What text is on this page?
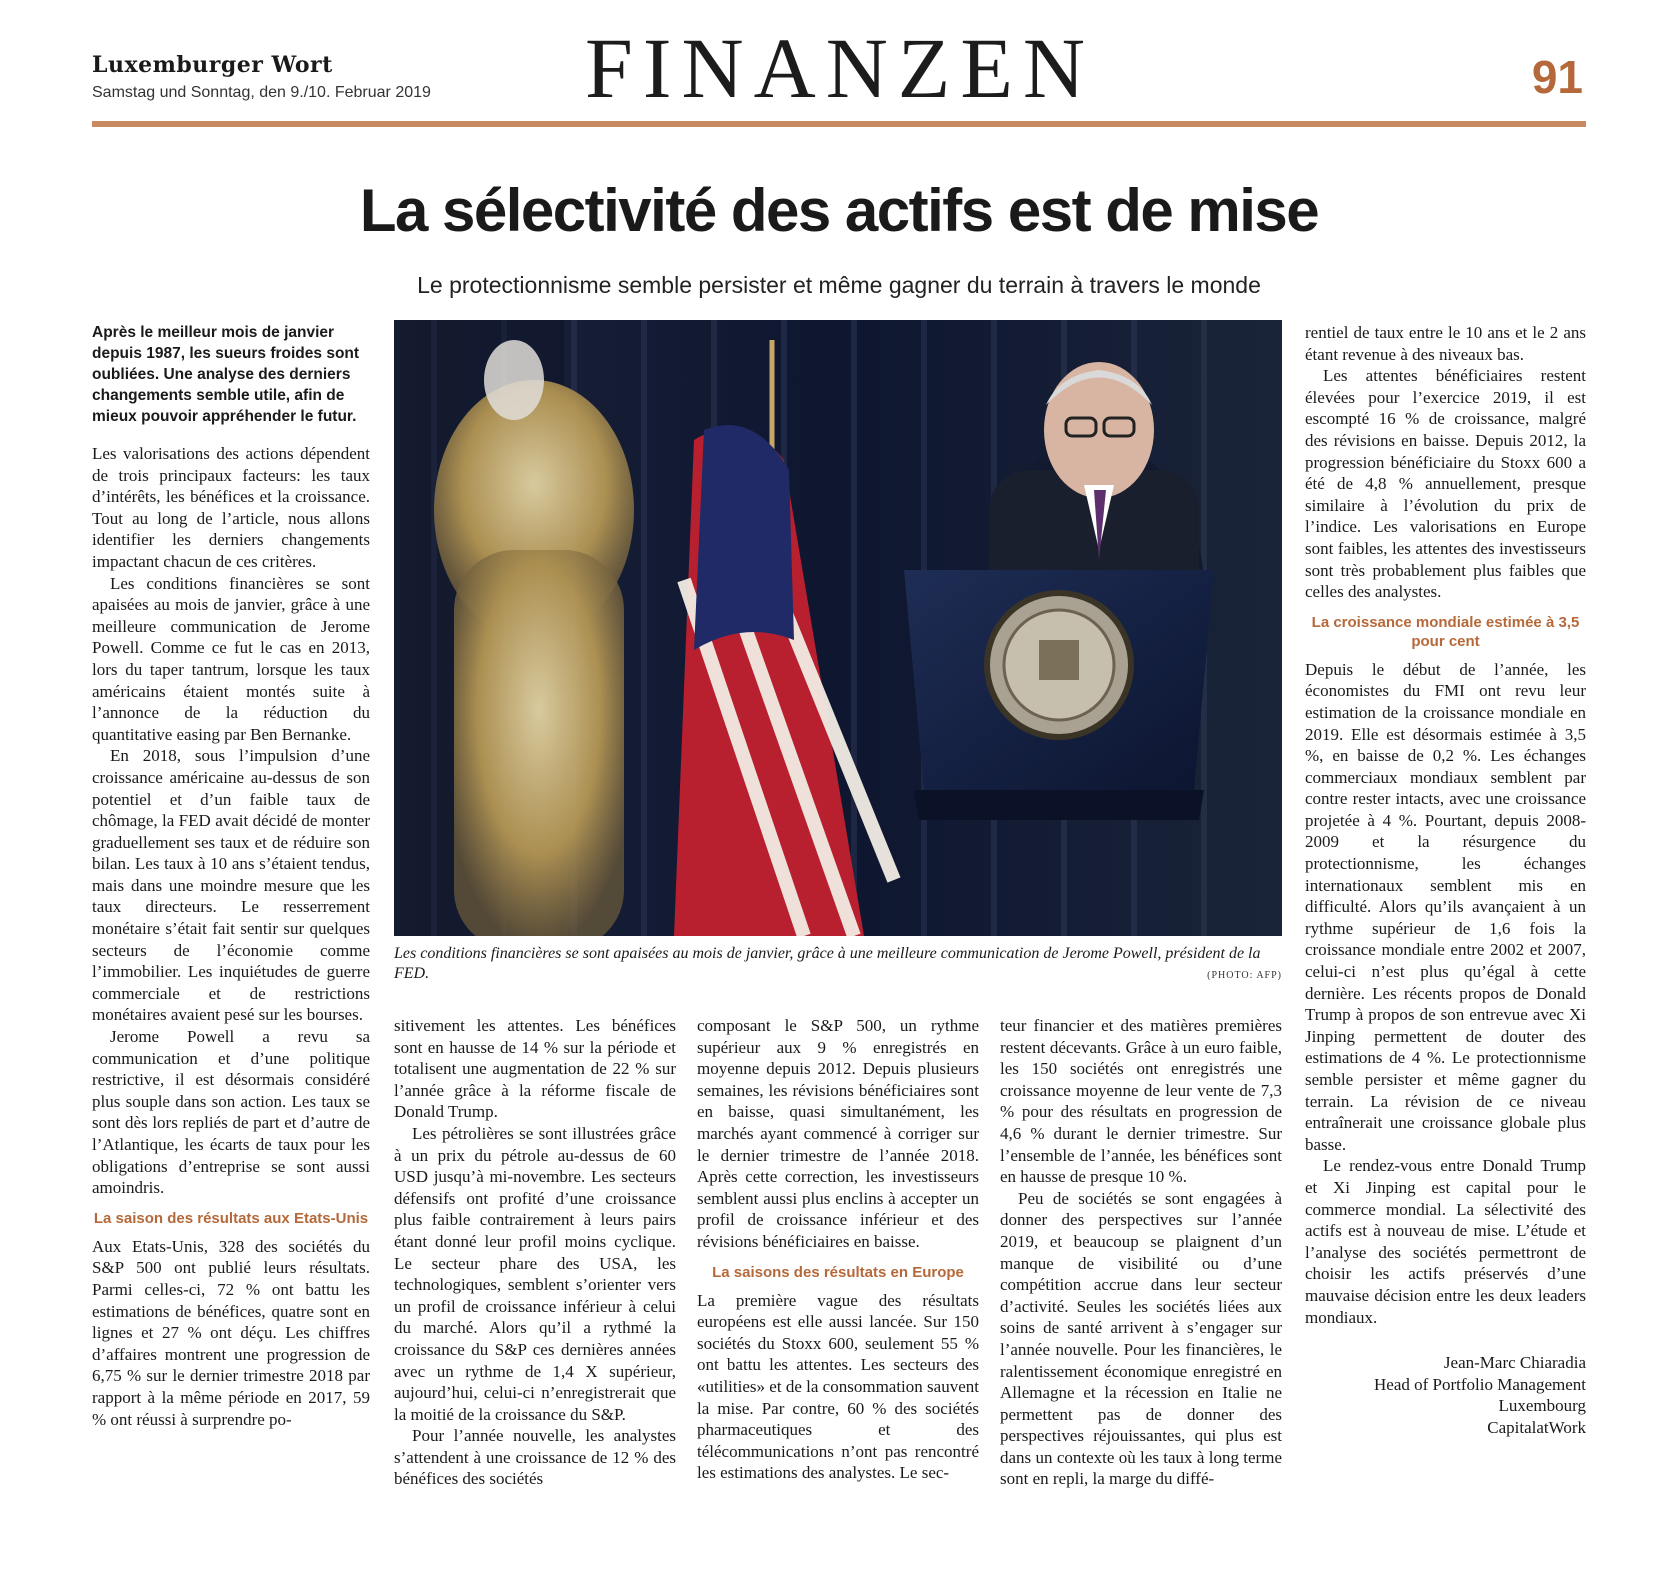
Luxemburger Wort
Samstag und Sonntag, den 9./10. Februar 2019	FINANZEN	91
La sélectivité des actifs est de mise
Le protectionnisme semble persister et même gagner du terrain à travers le monde
Après le meilleur mois de janvier depuis 1987, les sueurs froides sont oubliées. Une analyse des derniers changements semble utile, afin de mieux pouvoir appréhender le futur.

Les valorisations des actions dépendent de trois principaux facteurs: les taux d’intérêts, les bénéfices et la croissance. Tout au long de l’article, nous allons identifier les derniers changements impactant chacun de ces critères.

Les conditions financières se sont apaisées au mois de janvier, grâce à une meilleure communication de Jerome Powell. Comme ce fut le cas en 2013, lors du taper tantrum, lorsque les taux américains étaient montés suite à l’annonce de la réduction du quantitative easing par Ben Bernanke.

En 2018, sous l’impulsion d’une croissance américaine au-dessus de son potentiel et d’un faible taux de chômage, la FED avait décidé de monter graduellement ses taux et de réduire son bilan. Les taux à 10 ans s’étaient tendus, mais dans une moindre mesure que les taux directeurs. Le resserrement monétaire s’était fait sentir sur quelques secteurs de l’économie comme l’immobilier. Les inquiétudes de guerre commerciale et de restrictions monétaires avaient pesé sur les bourses.

Jerome Powell a revu sa communication et d’une politique restrictive, il est désormais considéré plus souple dans son action. Les taux se sont dès lors repliés de part et d’autre de l’Atlantique, les écarts de taux pour les obligations d’entreprise se sont aussi amoindris.

La saison des résultats aux Etats-Unis

Aux Etats-Unis, 328 des sociétés du S&P 500 ont publié leurs résultats. Parmi celles-ci, 72 % ont battu les estimations de bénéfices, quatre sont en lignes et 27 % ont déçu. Les chiffres d’affaires montrent une progression de 6,75 % sur le dernier trimestre 2018 par rapport à la même période en 2017, 59 % ont réussi à surprendre po-

Les conditions financières se sont apaisées au mois de janvier, grâce à une meilleure communication de Jerome Powell, président de la FED.	(PHOTO: AFP)

sitivement les attentes. Les bénéfices sont en hausse de 14 % sur la période et totalisent une augmentation de 22 % sur l’année grâce à la réforme fiscale de Donald Trump.

Les pétrolières se sont illustrées grâce à un prix du pétrole au-dessus de 60 USD jusqu’à mi-novembre. Les secteurs défensifs ont profité d’une croissance plus faible contrairement à leurs pairs étant donné leur profil moins cyclique. Le secteur phare des USA, les technologiques, semblent s’orienter vers un profil de croissance inférieur à celui du marché. Alors qu’il a rythmé la croissance du S&P ces dernières années avec un rythme de 1,4 X supérieur, aujourd’hui, celui-ci n’enregistrerait que la moitié de la croissance du S&P.

Pour l’année nouvelle, les analystes s’attendent à une croissance de 12 % des bénéfices des sociétés

composant le S&P 500, un rythme supérieur aux 9 % enregistrés en moyenne depuis 2012. Depuis plusieurs semaines, les révisions bénéficiaires sont en baisse, quasi simultanément, les marchés ayant commencé à corriger sur le dernier trimestre de l’année 2018. Après cette correction, les investisseurs semblent aussi plus enclins à accepter un profil de croissance inférieur et des révisions bénéficiaires en baisse.

La saisons des résultats en Europe

La première vague des résultats européens est elle aussi lancée. Sur 150 sociétés du Stoxx 600, seulement 55 % ont battu les attentes. Les secteurs des «utilities» et de la consommation sauvent la mise. Par contre, 60 % des sociétés pharmaceutiques et des télécommunications n’ont pas rencontré les estimations des analystes. Le sec-

teur financier et des matières premières restent décevants. Grâce à un euro faible, les 150 sociétés ont enregistrés une croissance moyenne de leur vente de 7,3 % pour des résultats en progression de 4,6 % durant le dernier trimestre. Sur l’ensemble de l’année, les bénéfices sont en hausse de presque 10 %.

Peu de sociétés se sont engagées à donner des perspectives sur l’année 2019, et beaucoup se plaignent d’un manque de visibilité ou d’une compétition accrue dans leur secteur d’activité. Seules les sociétés liées aux soins de santé arrivent à s’engager sur l’année nouvelle. Pour les financières, le ralentissement économique enregistré en Allemagne et la récession en Italie ne permettent pas de donner des perspectives réjouissantes, qui plus est dans un contexte où les taux à long terme sont en repli, la marge du diffé-

rentiel de taux entre le 10 ans et le 2 ans étant revenue à des niveaux bas.

Les attentes bénéficiaires restent élevées pour l’exercice 2019, il est escompté 16 % de croissance, malgré des révisions en baisse. Depuis 2012, la progression bénéficiaire du Stoxx 600 a été de 4,8 % annuellement, presque similaire à l’évolution du prix de l’indice. Les valorisations en Europe sont faibles, les attentes des investisseurs sont très probablement plus faibles que celles des analystes.

La croissance mondiale estimée à 3,5 pour cent

Depuis le début de l’année, les économistes du FMI ont revu leur estimation de la croissance mondiale en 2019. Elle est désormais estimée à 3,5 %, en baisse de 0,2 %. Les échanges commerciaux mondiaux semblent par contre rester intacts, avec une croissance projetée à 4 %. Pourtant, depuis 2008-2009 et la résurgence du protectionnisme, les échanges internationaux semblent mis en difficulté. Alors qu’ils avançaient à un rythme supérieur de 1,6 fois la croissance mondiale entre 2002 et 2007, celui-ci n’est plus qu’égal à cette dernière. Les récents propos de Donald Trump à propos de son entrevue avec Xi Jinping permettent de douter des estimations de 4 %. Le protectionnisme semble persister et même gagner du terrain. La révision de ce niveau entraînerait une croissance globale plus basse.

Le rendez-vous entre Donald Trump et Xi Jinping est capital pour le commerce mondial. La sélectivité des actifs est à nouveau de mise. L’étude et l’analyse des sociétés permettront de choisir les actifs préservés d’une mauvaise décision entre les deux leaders mondiaux.

Jean-Marc Chiaradia
Head of Portfolio Management
Luxembourg
CapitalatWork
